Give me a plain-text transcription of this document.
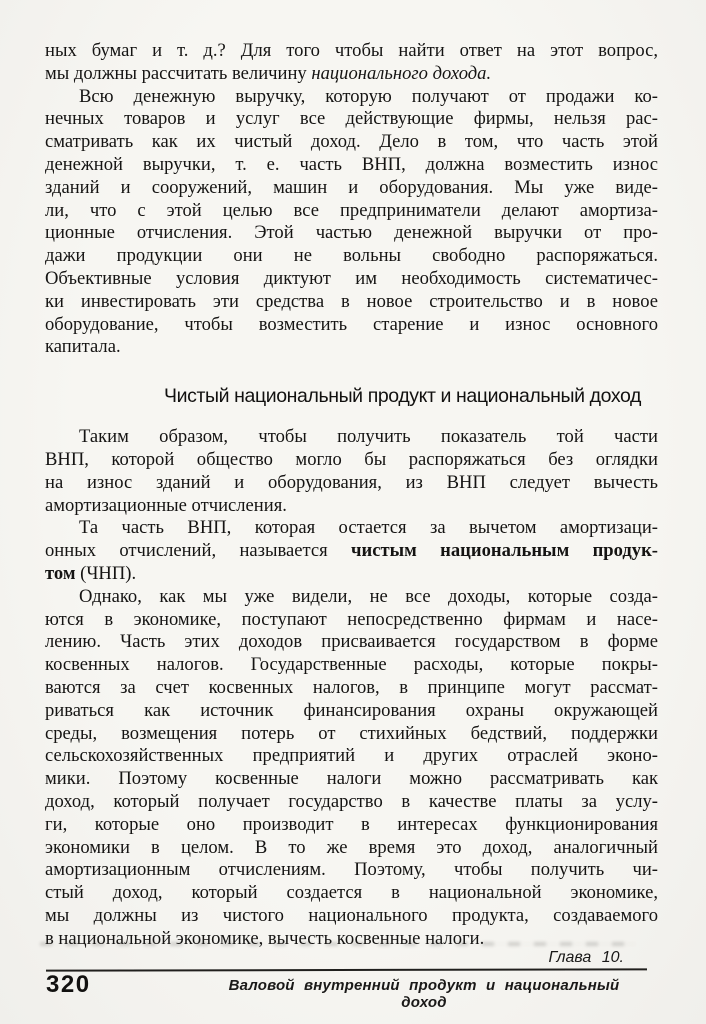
ных бумаг и т. д.? Для того чтобы найти ответ на этот вопрос,
мы должны рассчитать величину национального дохода.
Всю денежную выручку, которую получают от продажи ко-
нечных товаров и услуг все действующие фирмы, нельзя рас-
сматривать как их чистый доход. Дело в том, что часть этой
денежной выручки, т. е. часть ВНП, должна возместить износ
зданий и сооружений, машин и оборудования. Мы уже виде-
ли, что с этой целью все предприниматели делают амортиза-
ционные отчисления. Этой частью денежной выручки от про-
дажи продукции они не вольны свободно распоряжаться.
Объективные условия диктуют им необходимость систематичес-
ки инвестировать эти средства в новое строительство и в новое
оборудование, чтобы возместить старение и износ основного
капитала.
Чистый национальный продукт и национальный доход
Таким образом, чтобы получить показатель той части
ВНП, которой общество могло бы распоряжаться без оглядки
на износ зданий и оборудования, из ВНП следует вычесть
амортизационные отчисления.
Та часть ВНП, которая остается за вычетом амортизаци-
онных отчислений, называется чистым национальным продук-
том (ЧНП).
Однако, как мы уже видели, не все доходы, которые созда-
ются в экономике, поступают непосредственно фирмам и насе-
лению. Часть этих доходов присваивается государством в форме
косвенных налогов. Государственные расходы, которые покры-
ваются за счет косвенных налогов, в принципе могут рассмат-
риваться как источник финансирования охраны окружающей
среды, возмещения потерь от стихийных бедствий, поддержки
сельскохозяйственных предприятий и других отраслей эконо-
мики. Поэтому косвенные налоги можно рассматривать как
доход, который получает государство в качестве платы за услу-
ги, которые оно производит в интересах функционирования
экономики в целом. В то же время это доход, аналогичный
амортизационным отчислениям. Поэтому, чтобы получить чи-
стый доход, который создается в национальной экономике,
мы должны из чистого национального продукта, создаваемого
в национальной экономике, вычесть косвенные налоги.
Глава 10.
320	Валовой внутренний продукт и национальный доход
